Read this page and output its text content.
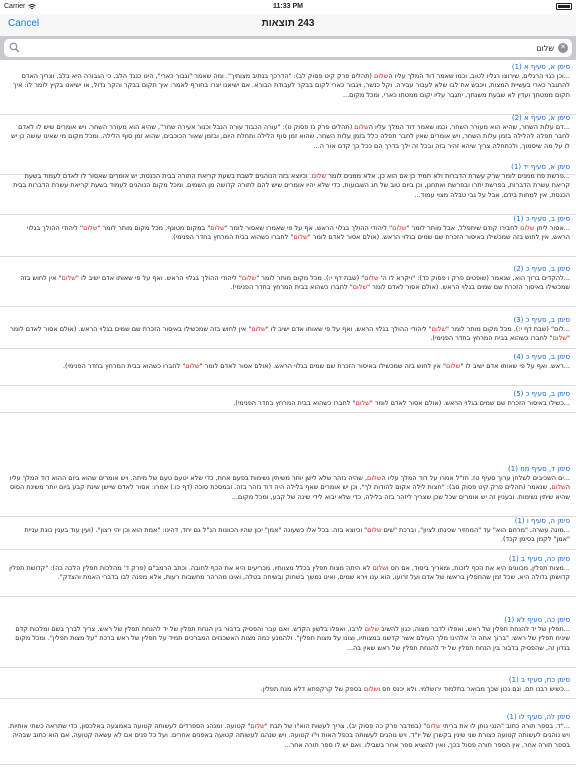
Carrier	11:33 PM
Cancel	243 תוצאות
שלום
✕
סימן א, סעיף א (1)
...וכן כגוי הרגלים, שירוצו רגליו לטוב, וכמו שאמר דוד המלך עליו השלום (תהלים פרק קיט פסוק לב): "הדרכך בנתיב מצותיך". ומה שאמר "וגבור כארי", הינו כנגד הלב, כי הגבורה היא בלב, וצריך האדם להתגבר כארי בעשיית המצות, ויכבש את לבו שלא לעבור עבירה. וקל כנשר, ויגבור כארי לקום בבקר לעבודת הבורא. אם ישיאנו יצרו בחורף לאמר: איך תקום בבקר והקר גדול, או ישיאנו בקיץ לומר לו: איך תקום ממטתך ועדין לא שבעת משנתך, יתגבר עליו יקום ממטתו כארי, ומכל מקום...
סימן א, סעיף א (2)
...דם עלות השחר, שהיא הוא מעורר השחר, וכמו שאמר דוד המלך עליו השלום (תהלים פרק נז פסוק ט): "עורה הכבוד עורה הנבל וכנור אעירה שחר", שהיא הוא מעורר השחר. ויש אומרים שיש לו לאדם לחבר תפלה להלילה בזמן עלות השחר, ויש אומרים שאין לחבר תפלה כלל בזמן עלות השחר, שהוא זמן סוף הלילה ותחלת היום, ובזמן שאור הכוכבים, שהוא זמן סוף הלילה. ומכל מקום מי שאינו עושה כן יש לו על מה שיסמוך, ולכתחלה צריך שיהא זהיר בזה ובכל זה ילך בדרך הם ככל כך קדם אור ה...
סימן א, סעיף יד (1)
...פרשת פח ממנים לומר שרק עשרת הדברות ולא תמיד כן אם הוא כן, אלא ממנים לומר שלום. וכיוצא בזה הנוהגים לשבת בשעת קריאת התורה בבית הכנסת, יש אומרים שאסור לו לאדם לעמוד בשעת קריאת עשרת הדברות, בפרשת יתרו ובפרשת ואתחנן, וכן ביום טוב של חג השבועות, כדי שלא יהיו אומרים שיש להם לתורה קדושה מן השמים. ומכל מקום הנוהגים לעמוד בשעת קריאת עשרת הדברות בבית הכנסת, אין למחות בידם, אבל על גבי טבלה מצוי עמוד...
סימן ב, סעיף כ (1)
...אסור ליתן שלום לחבירו קודם שיתפלל, אבל מותר לומר "שלום" ליהודי ההולך בגלוי הראש. אף על פי שאמרו שאסור לומר "שלום" במקום מטונף, מכל מקום מותר לומר "שלום" ליהודי ההולך בגלוי הראש, אין לחוש בזה שמכשילו באיסור הזכרת שם שמים בגלוי הראש. (אולם אסור לאדם לומר "שלום" לחברו כשהוא בבית המרחץ בחדר הפנימי).
סימן ב, סעיף כ (2)
...להקדים ברוך הוא, שנאמר (שופטים פרק ו פסוק כד): "ויקרא לו ה' שלום" (שבת דף י:). מכל מקום מותר לומר "שלום" ליהודי ההולך בגלוי הראש. ואף על פי שאותו אדם ישיב לו "שלום" אין לחוש בזה שמכשילו באיסור הזכרת שם שמים בגלוי הראש. (אולם אסור לאדם לומר "שלום" לחברו כשהוא בבית המרחץ בחדר הפנימי).
סימן ב, סעיף כ (3)
...לום" (שבת דף י:). מכל מקום מותר לומר "שלום" ליהודי ההולך בגלוי הראש. ואף על פי שאותו אדם ישיב לו "שלום" אין לחוש בזה שמכשילו באיסור הזכרת שם שמים בגלוי הראש. (אולם אסור לאדם לומר "שלום" לחברו כשהוא בבית המרחץ בחדר הפנימי).
סימן ב, סעיף כ (4)
...ראש. ואף על פי שאותו אדם ישיב לו "שלום" אין לחוש בזה שמכשילו באיסור הזכרת שם שמים בגלוי הראש. (אולם אסור לאדם לומר "שלום" לחברו כשהוא בבית המרחץ בחדר הפנימי).
סימן ב, סעיף כ (5)
...כשילו באיסור הזכרת שם שמים בגלוי הראש. (אולם אסור לאדם לומר "שלום" לחברו כשהוא בבית המרחץ בחדר הפנימי).
סימן ד, סעיף מח (1)
...ים השכיבים לשלחן ערוך סעיף טז. חז"ל אמרו על דוד המלך עליו השלום, שהיה נזהר שלא לישן יותר משיתין נשימות בפעם אחת, כדי שלא יטעם טעם של מיתה. ויש אומרים שהוא ביום ההוא דוד המלך עליו השלום, שנאמר (תהלים פרק קיט פסוק סב): "חצות לילה אקום להודות לך", וכן יש אומרים שאף בלילה היה דוד נזהר בזה. ובמסכת סוכה (דף כו.) אמרו: אסור לאדם שיישן שינת קבע ביום יותר משינת הסוס שהיא שיתין נשימות. ובעניין זה יש אומרים שכל שכן שצריך ליזהר בזה בלילה, כדי שלא יבוא לידי שינה של קבע, ומכל מקום...
סימן ה, סעיף ו (1)
...מונה עשרה, "מרחם הוא" עד "המחזיר שכינתו לציון", וברכת "שים שלום" וכיוצא בזה. בכל אלו כשעונה "אמן" יכון שהיו הכוונות הנ"ל גם יחד, דהינו: "אמת הוא וכן יהי רצון". (ועין עוד בענין כונת עניית "אמן" לקמן בסימן קכד).
סימן כה, סעיף ב (1)
...מצות תפלין, מכוונים היא את הכף לזכות, ומאריך ביסוד, אם חס ושלום לא היתה מצות תפלין בכלל מצוותיו, מכריעים היא את הכף לחובה. וכתב הרמב"ם (פרק ד' מהלכות תפלין הלכה כה): "קדושת תפלין קדושתן גדולה היא, שכל זמן שהתפלין בראשו של אדם ועל זרועו, הוא ענו וירא שמים, ואינו נמשך בשחוק ובשיחה בטלה, ואינו מהרהר מחשבות רעות, אלא מפנה לבו בדברי האמת והצדק".
סימן כה, סעיף לא (1)
...תפלין של יד להנחת תפלין של ראש, ואפלו לדבר מצוה, כגון להשיב שלום לרבו, ואפלו בלשון הקדש. ואם עבר והפסיק בדבור בין הנחת תפלין של יד להנחת תפלין של ראש, צריך לברך בשם ומלכות קדם שיניח תפלין של ראש: "ברוך אתה ה' אלהינו מלך העולם אשר קדשנו במצותיו, וצונו על מצות תפלין". ולהמנע כמה מצות האשכנזים המברכים תמיד על תפלין של ראש ברכת "על מצות תפלין". ומכל מקום בנדון זה, שהפסיק בדבור בין הנחת תפלין של יד להנחת תפלין של ראש שאין בה...
סימן כח, סעיף ב (1)
...כשיש רבנו תם, וגם נכון שכך מבואר בתלמוד ירושלמי. ולא יכנס חס ושלום בספק של קרקפתא דלא מנח תפלין.
סימן לה, סעיף לו (1)
..."ד. בספר תורה כתוב "הנני נותן לו את בריתי שלום" (במדבר פרק כה פסוק יב), צריך לעשות הוא"ו של תבת "שלום" קטועה. ומנהג הספרדים לעשותה קטועה באמצעה באלכסון, כדי שתראה כשתי אותיות. ויש נוהגים לעשותה קטועה כצורת שני שינין בקשרן של יו"ד. ויש נוהגים לעשותה בכפל האות וי"ו קטועה. ויש שנהגו לעשותה קטועה באפנים אחרים. ועל כל פנים אם לא עשאה קטועה, אם הוא כתוב שבהיה בספר תורה אחר, אין הספר תורה פסול בכך, ואין להוציא ספר אחר בשבילו. ואם יש לו ספר תורה אחר...
